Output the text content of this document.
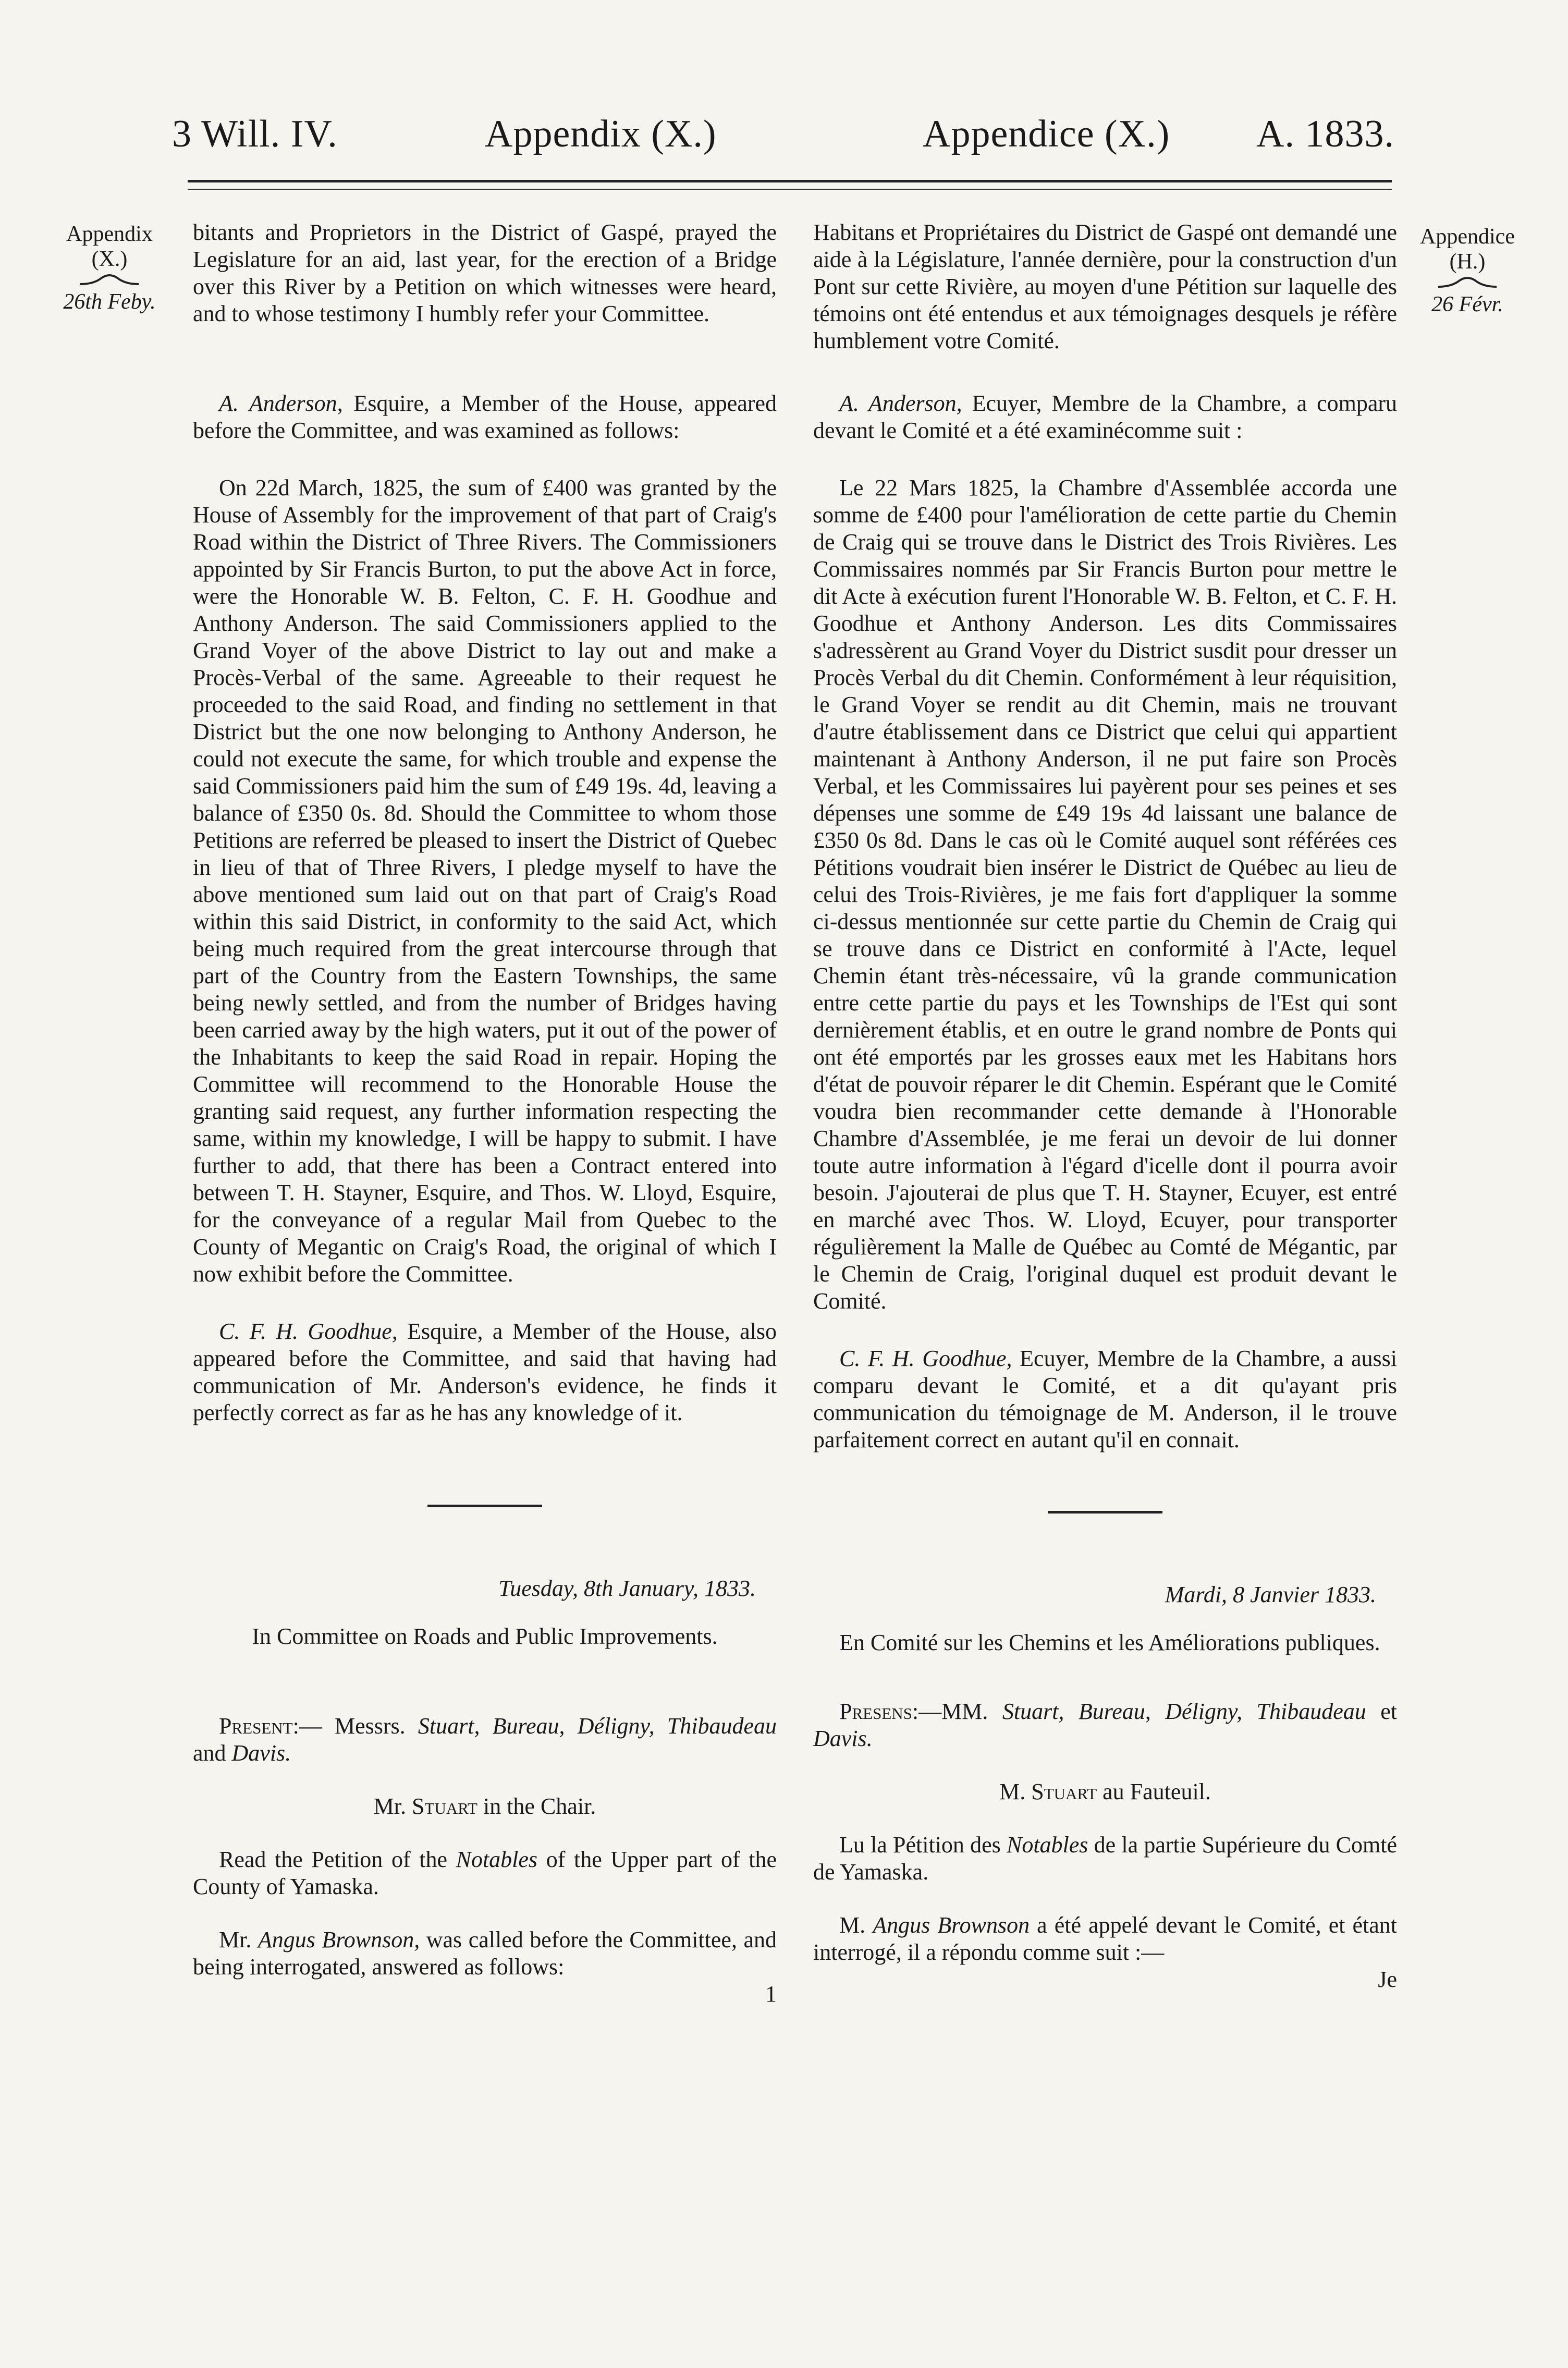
3 Will. IV.	Appendix (X.)	Appendice (X.) A. 1833.
Appendix
(X.)
26th Feby.
Appendice
(H.)
26 Févr.

bitants and Proprietors in the District of Gaspé, prayed the Legislature for an aid, last year, for the erection of a Bridge over this River by a Petition on which witnesses were heard, and to whose testimony I humbly refer your Committee.

A. Anderson, Esquire, a Member of the House, appeared before the Committee, and was examined as follows:

On 22d March, 1825, the sum of £400 was granted by the House of Assembly for the improvement of that part of Craig's Road within the District of Three Rivers. The Commissioners appointed by Sir Francis Burton, to put the above Act in force, were the Honorable W. B. Felton, C. F. H. Goodhue and Anthony Anderson. The said Commissioners applied to the Grand Voyer of the above District to lay out and make a Procès-Verbal of the same. Agreeable to their request he proceeded to the said Road, and finding no settlement in that District but the one now belonging to Anthony Anderson, he could not execute the same, for which trouble and expense the said Commissioners paid him the sum of £49 19s. 4d, leaving a balance of £350 0s. 8d. Should the Committee to whom those Petitions are referred be pleased to insert the District of Quebec in lieu of that of Three Rivers, I pledge myself to have the above mentioned sum laid out on that part of Craig's Road within this said District, in conformity to the said Act, which being much required from the great intercourse through that part of the Country from the Eastern Townships, the same being newly settled, and from the number of Bridges having been carried away by the high waters, put it out of the power of the Inhabitants to keep the said Road in repair. Hoping the Committee will recommend to the Honorable House the granting said request, any further information respecting the same, within my knowledge, I will be happy to submit. I have further to add, that there has been a Contract entered into between T. H. Stayner, Esquire, and Thos. W. Lloyd, Esquire, for the conveyance of a regular Mail from Quebec to the County of Megantic on Craig's Road, the original of which I now exhibit before the Committee.

C. F. H. Goodhue, Esquire, a Member of the House, also appeared before the Committee, and said that having had communication of Mr. Anderson's evidence, he finds it perfectly correct as far as he has any knowledge of it.

Tuesday, 8th January, 1833.

In Committee on Roads and Public Improvements.

Present:— Messrs. Stuart, Bureau, Déligny, Thibaudeau and Davis.

Mr. Stuart in the Chair.

Read the Petition of the Notables of the Upper part of the County of Yamaska.

Mr. Angus Brownson, was called before the Committee, and being interrogated, answered as follows:

1

Habitans et Propriétaires du District de Gaspé ont demandé une aide à la Législature, l'année dernière, pour la construction d'un Pont sur cette Rivière, au moyen d'une Pétition sur laquelle des témoins ont été entendus et aux témoignages desquels je réfère humblement votre Comité.

A. Anderson, Ecuyer, Membre de la Chambre, a comparu devant le Comité et a été examinécomme suit :

Le 22 Mars 1825, la Chambre d'Assemblée accorda une somme de £400 pour l'amélioration de cette partie du Chemin de Craig qui se trouve dans le District des Trois Rivières. Les Commissaires nommés par Sir Francis Burton pour mettre le dit Acte à exécution furent l'Honorable W. B. Felton, et C. F. H. Goodhue et Anthony Anderson. Les dits Commissaires s'adressèrent au Grand Voyer du District susdit pour dresser un Procès Verbal du dit Chemin. Conformément à leur réquisition, le Grand Voyer se rendit au dit Chemin, mais ne trouvant d'autre établissement dans ce District que celui qui appartient maintenant à Anthony Anderson, il ne put faire son Procès Verbal, et les Commissaires lui payèrent pour ses peines et ses dépenses une somme de £49 19s 4d laissant une balance de £350 0s 8d. Dans le cas où le Comité auquel sont référées ces Pétitions voudrait bien insérer le District de Québec au lieu de celui des Trois-Rivières, je me fais fort d'appliquer la somme ci-dessus mentionnée sur cette partie du Chemin de Craig qui se trouve dans ce District en conformité à l'Acte, lequel Chemin étant très-nécessaire, vû la grande communication entre cette partie du pays et les Townships de l'Est qui sont dernièrement établis, et en outre le grand nombre de Ponts qui ont été emportés par les grosses eaux met les Habitans hors d'état de pouvoir réparer le dit Chemin. Espérant que le Comité voudra bien recommander cette demande à l'Honorable Chambre d'Assemblée, je me ferai un devoir de lui donner toute autre information à l'égard d'icelle dont il pourra avoir besoin. J'ajouterai de plus que T. H. Stayner, Ecuyer, est entré en marché avec Thos. W. Lloyd, Ecuyer, pour transporter régulièrement la Malle de Québec au Comté de Mégantic, par le Chemin de Craig, l'original duquel est produit devant le Comité.

C. F. H. Goodhue, Ecuyer, Membre de la Chambre, a aussi comparu devant le Comité, et a dit qu'ayant pris communication du témoignage de M. Anderson, il le trouve parfaitement correct en autant qu'il en connait.

Mardi, 8 Janvier 1833.

En Comité sur les Chemins et les Améliorations publiques.

Presens:—MM. Stuart, Bureau, Déligny, Thibaudeau et Davis.

M. Stuart au Fauteuil.

Lu la Pétition des Notables de la partie Supérieure du Comté de Yamaska.

M. Angus Brownson a été appelé devant le Comité, et étant interrogé, il a répondu comme suit :—

Je
